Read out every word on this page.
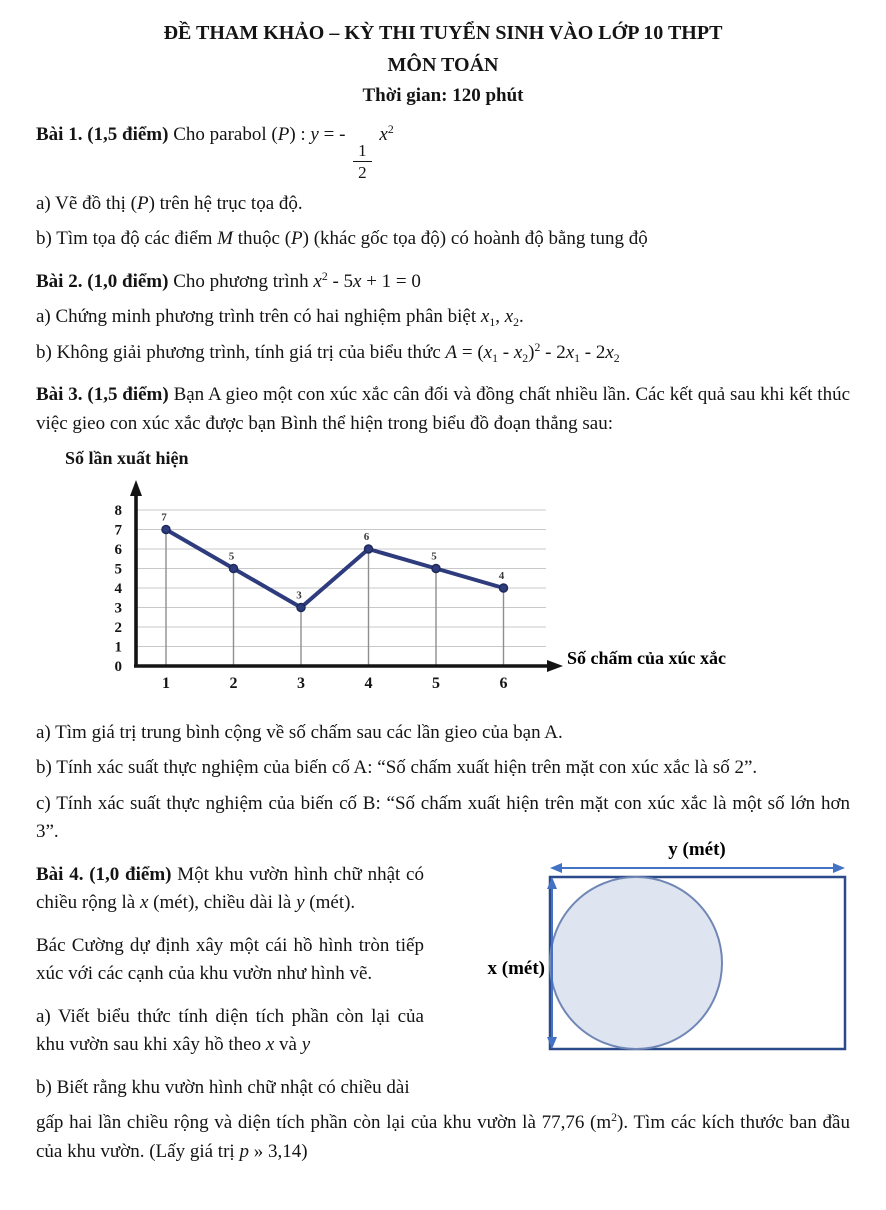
ĐỀ THAM KHẢO – KỲ THI TUYỂN SINH VÀO LỚP 10 THPT
MÔN TOÁN
Thời gian: 120 phút

Bài 1. (1,5 điểm) Cho parabol (P) : y = -
$\frac{1}{2}$
$x^2$

a) Vẽ đồ thị (P) trên hệ trục tọa độ.

b) Tìm tọa độ các điểm M thuộc (P) (khác gốc tọa độ) có hoành độ bằng tung độ

Bài 2. (1,0 điểm) Cho phương trình $x^2 - 5x + 1 = 0$

a) Chứng minh phương trình trên có hai nghiệm phân biệt $x_1$, $x_2$.

b) Không giải phương trình, tính giá trị của biểu thức $A = (x_1 - x_2)^2 - 2x_1 - 2x_2$

Bài 3. (1,5 điểm) Bạn A gieo một con xúc xắc cân đối và đồng chất nhiều lần. Các kết quả sau khi kết thúc việc gieo con xúc xắc được bạn Bình thể hiện trong biểu đồ đoạn thẳng sau:

Số lần xuất hiện
7
5
3
6
5
4
0
1
2
3
4
5
6
7
8
1	2	3	4	5	6
Số chấm của xúc xắc

a) Tìm giá trị trung bình cộng về số chấm sau các lần gieo của bạn A.

b) Tính xác suất thực nghiệm của biến cố A: “Số chấm xuất hiện trên mặt con xúc xắc là số 2”.

c) Tính xác suất thực nghiệm của biến cố B: “Số chấm xuất hiện trên mặt con xúc xắc là một số lớn hơn 3”.

y (mét)
x (mét)

Bài 4. (1,0 điểm) Một khu vườn hình chữ nhật có chiều rộng là x (mét), chiều dài là y (mét).

Bác Cường dự định xây một cái hồ hình tròn tiếp xúc với các cạnh của khu vườn như hình vẽ.

a) Viết biểu thức tính diện tích phần còn lại của khu vườn sau khi xây hồ theo x và y

b) Biết rằng khu vườn hình chữ nhật có chiều dài

gấp hai lần chiều rộng và diện tích phần còn lại của khu vườn là 77,76 $(m^2)$. Tìm các kích thước ban đầu của khu vườn. (Lấy giá trị p » 3,14)
